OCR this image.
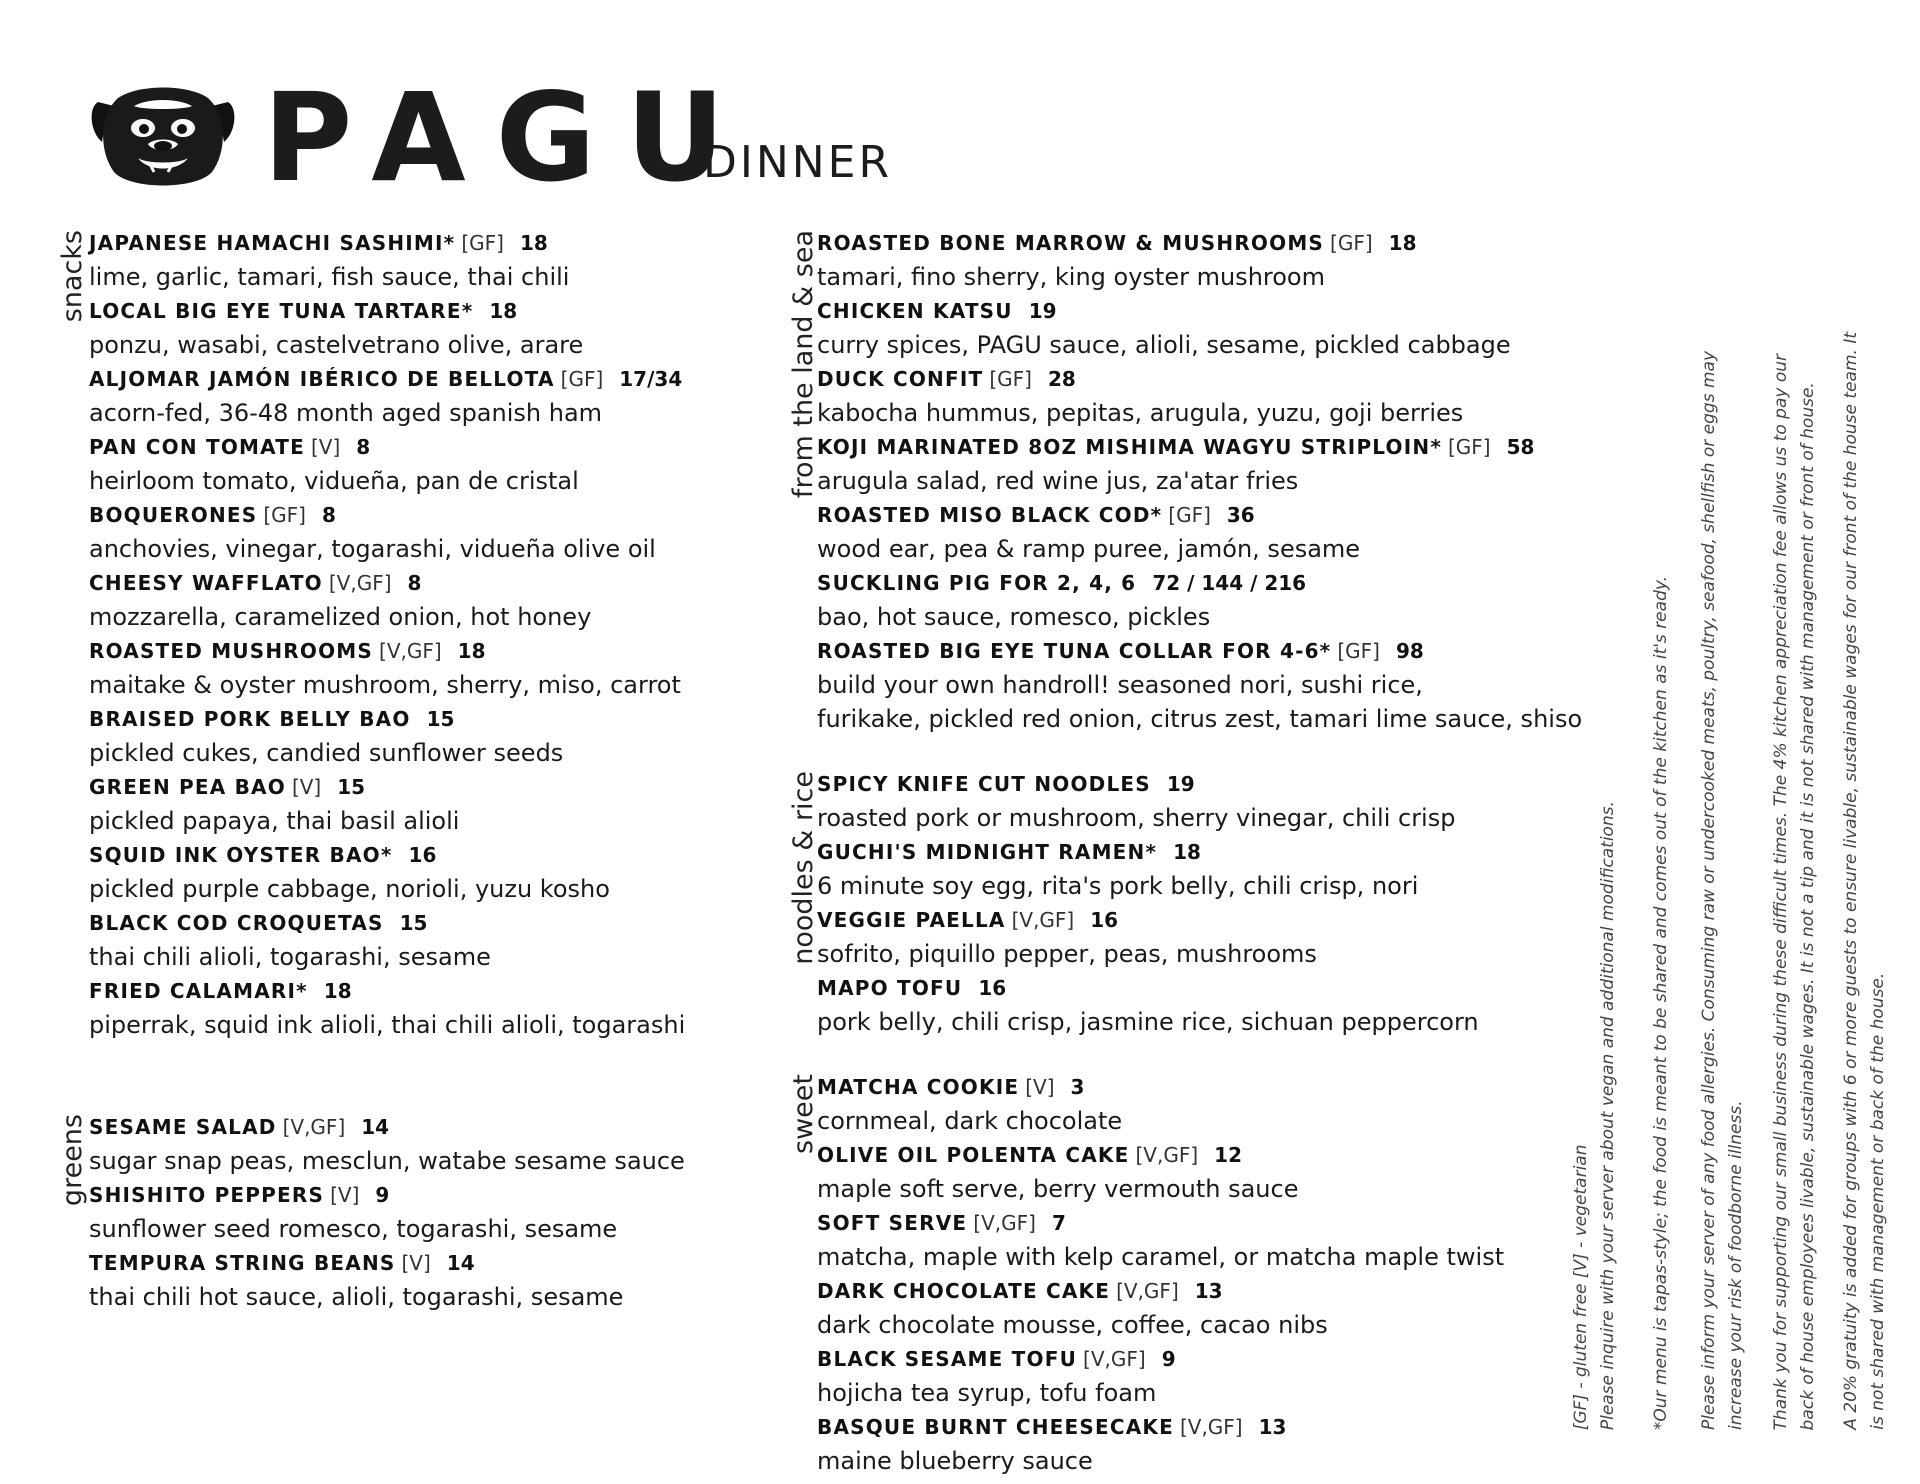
PAGU
DINNER
snacks JAPANESE HAMACHI SASHIMI* [GF] 18
lime, garlic, tamari, fish sauce, thai chili
LOCAL BIG EYE TUNA TARTARE* 18
ponzu, wasabi, castelvetrano olive, arare
ALJOMAR JAMÓN IBÉRICO DE BELLOTA [GF] 17/34
acorn-fed, 36-48 month aged spanish ham
PAN CON TOMATE [V] 8
heirloom tomato, vidueña, pan de cristal
BOQUERONES [GF] 8
anchovies, vinegar, togarashi, vidueña olive oil
CHEESY WAFFLATO [V,GF] 8
mozzarella, caramelized onion, hot honey
ROASTED MUSHROOMS [V,GF] 18
maitake & oyster mushroom, sherry, miso, carrot
BRAISED PORK BELLY BAO 15
pickled cukes, candied sunflower seeds
GREEN PEA BAO [V] 15
pickled papaya, thai basil alioli
SQUID INK OYSTER BAO* 16
pickled purple cabbage, norioli, yuzu kosho
BLACK COD CROQUETAS 15
thai chili alioli, togarashi, sesame
FRIED CALAMARI* 18
piperrak, squid ink alioli, thai chili alioli, togarashi
greens SESAME SALAD [V,GF] 14
sugar snap peas, mesclun, watabe sesame sauce
SHISHITO PEPPERS [V] 9
sunflower seed romesco, togarashi, sesame
TEMPURA STRING BEANS [V] 14
thai chili hot sauce, alioli, togarashi, sesame
from the land & sea
ROASTED BONE MARROW & MUSHROOMS [GF] 18
tamari, fino sherry, king oyster mushroom
CHICKEN KATSU 19
curry spices, PAGU sauce, alioli, sesame, pickled cabbage
DUCK CONFIT [GF] 28
kabocha hummus, pepitas, arugula, yuzu, goji berries
KOJI MARINATED 8OZ MISHIMA WAGYU STRIPLOIN* [GF] 58
arugula salad, red wine jus, za'atar fries
ROASTED MISO BLACK COD* [GF] 36
wood ear, pea & ramp puree, jamón, sesame
SUCKLING PIG FOR 2, 4, 6 72 / 144 / 216
bao, hot sauce, romesco, pickles
ROASTED BIG EYE TUNA COLLAR FOR 4-6* [GF] 98
build your own handroll! seasoned nori, sushi rice,
furikake, pickled red onion, citrus zest, tamari lime sauce, shiso
noodles & rice
SPICY KNIFE CUT NOODLES 19
roasted pork or mushroom, sherry vinegar, chili crisp
GUCHI'S MIDNIGHT RAMEN* 18
6 minute soy egg, rita's pork belly, chili crisp, nori
VEGGIE PAELLA [V,GF] 16
sofrito, piquillo pepper, peas, mushrooms
MAPO TOFU 16
pork belly, chili crisp, jasmine rice, sichuan peppercorn
sweet
MATCHA COOKIE [V] 3
cornmeal, dark chocolate
OLIVE OIL POLENTA CAKE [V,GF] 12
maple soft serve, berry vermouth sauce
SOFT SERVE [V,GF] 7
matcha, maple with kelp caramel, or matcha maple twist
DARK CHOCOLATE CAKE [V,GF] 13
dark chocolate mousse, coffee, cacao nibs
BLACK SESAME TOFU [V,GF] 9
hojicha tea syrup, tofu foam
BASQUE BURNT CHEESECAKE [V,GF] 13
maine blueberry sauce
[GF] - gluten free [V] - vegetarian Please inquire with your server about vegan and additional modifications. *Our menu is tapas-style; the food is meant to be shared and comes out of the kitchen as it's ready. Please inform your server of any food allergies. Consuming raw or undercooked meats, poultry, seafood, shellfish or eggs may increase your risk of foodborne illness. Thank you for supporting our small business during these difficult times. The 4% kitchen appreciation fee allows us to pay our back of house employees livable, sustainable wages. It is not a tip and it is not shared with management or front of house. A 20% gratuity is added for groups with 6 or more guests to ensure livable, sustainable wages for our front of the house team. It is not shared with management or back of the house.
